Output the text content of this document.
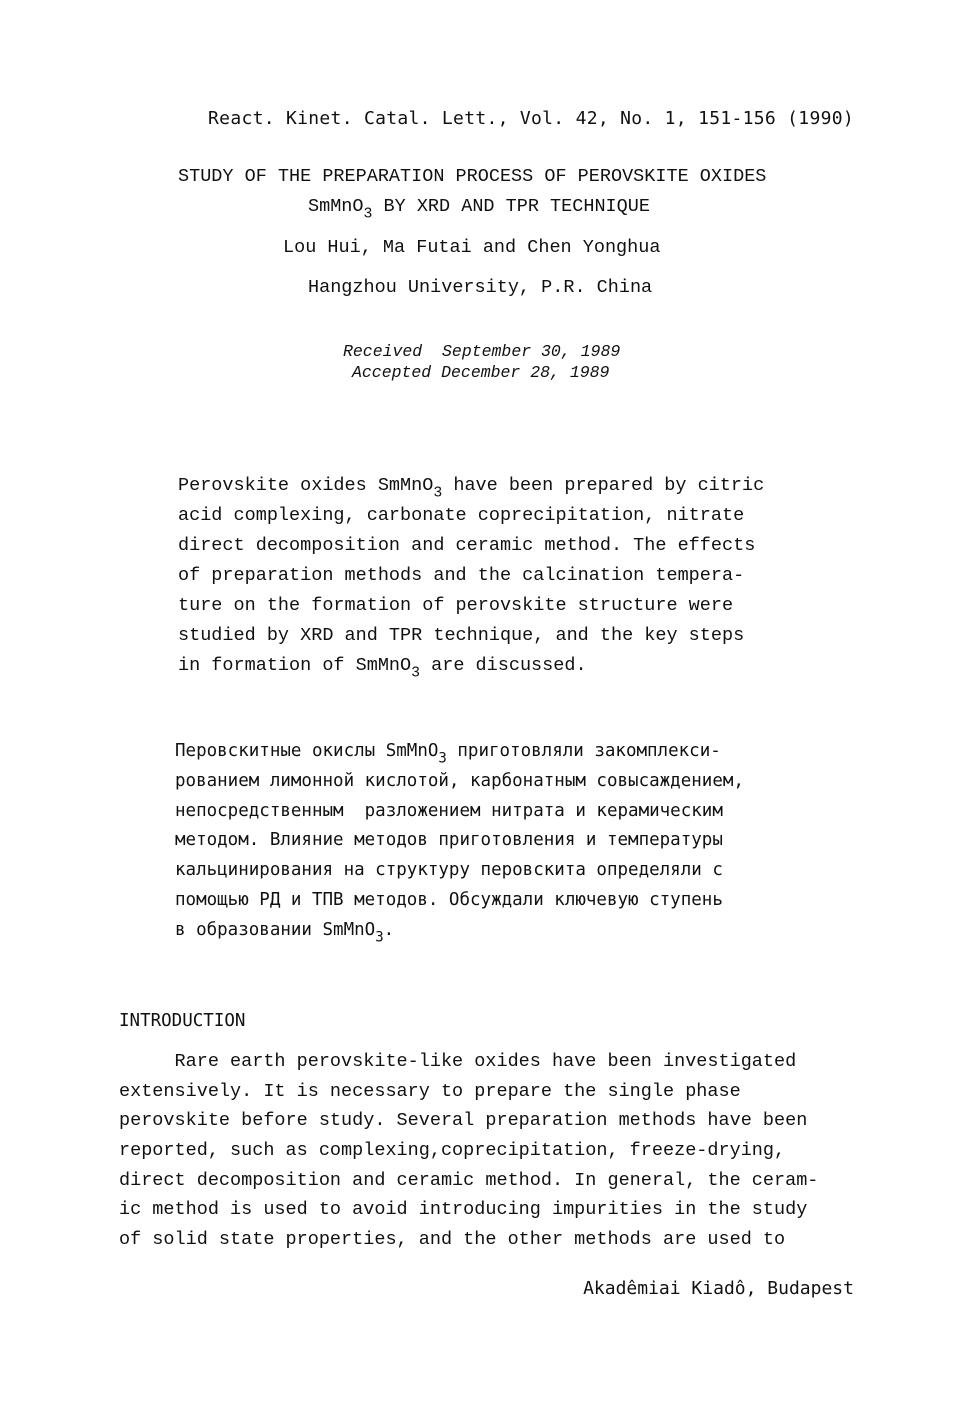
React. Kinet. Catal. Lett., Vol. 42, No. 1, 151-156 (1990)
STUDY OF THE PREPARATION PROCESS OF PEROVSKITE OXIDES
SmMnO$_3$ BY XRD AND TPR TECHNIQUE
Lou Hui, Ma Futai and Chen Yonghua
Hangzhou University, P.R. China
Received  September 30, 1989
Accepted December 28, 1989
Perovskite oxides SmMnO$_3$ have been prepared by citric
acid complexing, carbonate coprecipitation, nitrate
direct decomposition and ceramic method. The effects
of preparation methods and the calcination tempera-
ture on the formation of perovskite structure were
studied by XRD and TPR technique, and the key steps
in formation of SmMnO$_3$ are discussed.
Перовскитные окислы SmMnO$_3$ приготовляли закомплекси-
рованием лимонной кислотой, карбонатным совысаждением,
непосредственным  разложением нитрата и керамическим
методом. Влияние методов приготовления и температуры
кальцинирования на структуру перовскита определяли с
помощью РД и ТПВ методов. Обсуждали ключевую ступень
в образовании SmMnO$_3$.
INTRODUCTION
Rare earth perovskite-like oxides have been investigated
extensively. It is necessary to prepare the single phase
perovskite before study. Several preparation methods have been
reported, such as complexing,coprecipitation, freeze-drying,
direct decomposition and ceramic method. In general, the ceram-
ic method is used to avoid introducing impurities in the study
of solid state properties, and the other methods are used to
Akadêmiai Kiadô, Budapest
